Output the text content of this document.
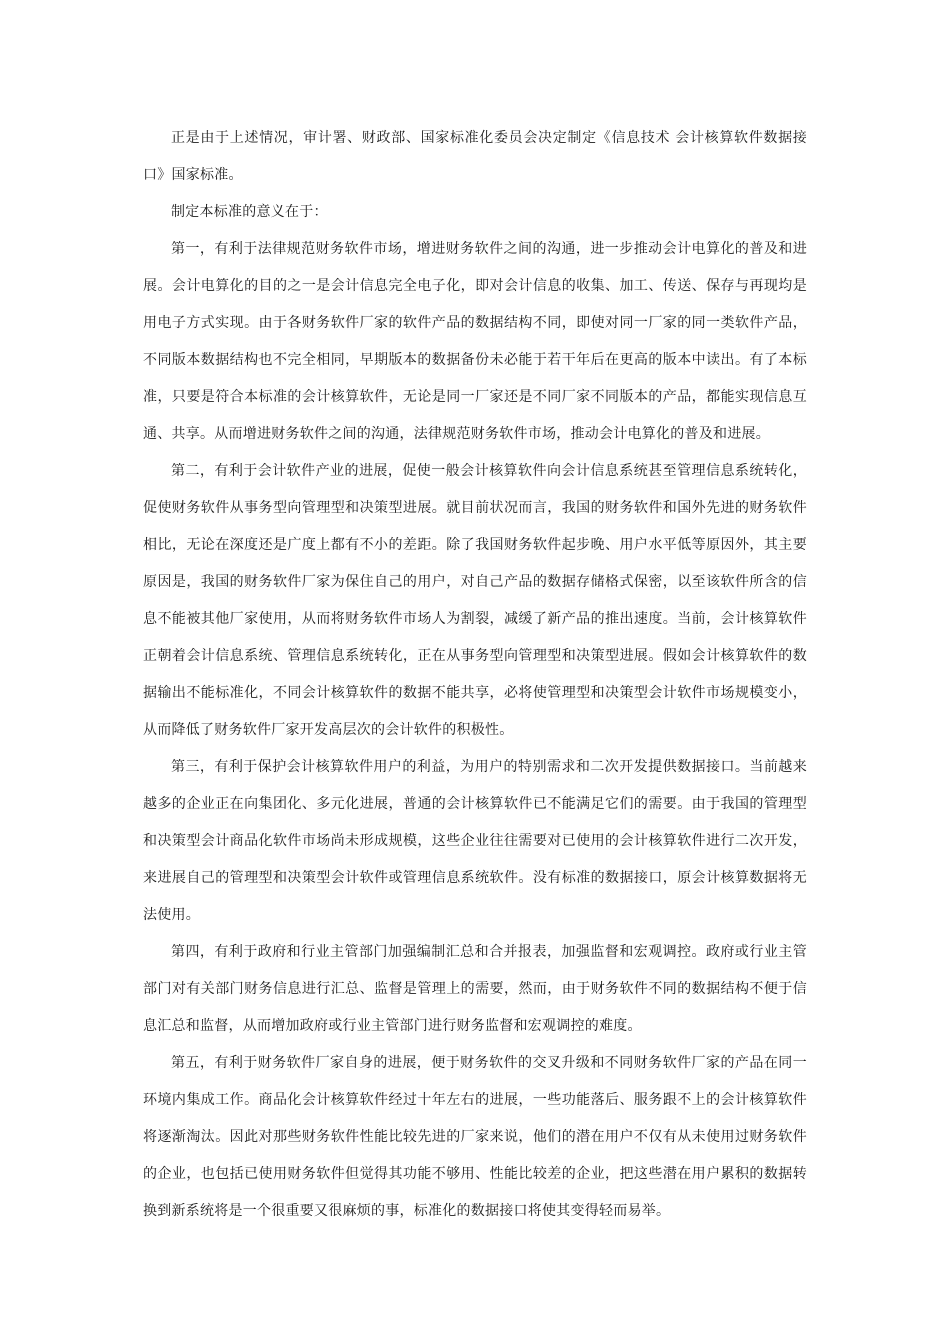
正是由于上述情况，审计署、财政部、国家标准化委员会决定制定《信息技术 会计核算软件数据接口》国家标准。

制定本标准的意义在于：

第一，有利于法律规范财务软件市场，增进财务软件之间的沟通，进一步推动会计电算化的普及和进展。会计电算化的目的之一是会计信息完全电子化，即对会计信息的收集、加工、传送、保存与再现均是用电子方式实现。由于各财务软件厂家的软件产品的数据结构不同，即使对同一厂家的同一类软件产品，不同版本数据结构也不完全相同，早期版本的数据备份未必能于若干年后在更高的版本中读出。有了本标准，只要是符合本标准的会计核算软件，无论是同一厂家还是不同厂家不同版本的产品，都能实现信息互通、共享。从而增进财务软件之间的沟通，法律规范财务软件市场，推动会计电算化的普及和进展。

第二，有利于会计软件产业的进展，促使一般会计核算软件向会计信息系统甚至管理信息系统转化，促使财务软件从事务型向管理型和决策型进展。就目前状况而言，我国的财务软件和国外先进的财务软件相比，无论在深度还是广度上都有不小的差距。除了我国财务软件起步晚、用户水平低等原因外，其主要原因是，我国的财务软件厂家为保住自己的用户，对自己产品的数据存储格式保密，以至该软件所含的信息不能被其他厂家使用，从而将财务软件市场人为割裂，减缓了新产品的推出速度。当前，会计核算软件正朝着会计信息系统、管理信息系统转化，正在从事务型向管理型和决策型进展。假如会计核算软件的数据输出不能标准化，不同会计核算软件的数据不能共享，必将使管理型和决策型会计软件市场规模变小，从而降低了财务软件厂家开发高层次的会计软件的积极性。

第三，有利于保护会计核算软件用户的利益，为用户的特别需求和二次开发提供数据接口。当前越来越多的企业正在向集团化、多元化进展，普通的会计核算软件已不能满足它们的需要。由于我国的管理型和决策型会计商品化软件市场尚未形成规模，这些企业往往需要对已使用的会计核算软件进行二次开发，来进展自己的管理型和决策型会计软件或管理信息系统软件。没有标准的数据接口，原会计核算数据将无法使用。

第四，有利于政府和行业主管部门加强编制汇总和合并报表，加强监督和宏观调控。政府或行业主管部门对有关部门财务信息进行汇总、监督是管理上的需要，然而，由于财务软件不同的数据结构不便于信息汇总和监督，从而增加政府或行业主管部门进行财务监督和宏观调控的难度。

第五，有利于财务软件厂家自身的进展，便于财务软件的交叉升级和不同财务软件厂家的产品在同一环境内集成工作。商品化会计核算软件经过十年左右的进展，一些功能落后、服务跟不上的会计核算软件将逐渐淘汰。因此对那些财务软件性能比较先进的厂家来说，他们的潜在用户不仅有从未使用过财务软件的企业，也包括已使用财务软件但觉得其功能不够用、性能比较差的企业，把这些潜在用户累积的数据转换到新系统将是一个很重要又很麻烦的事，标准化的数据接口将使其变得轻而易举。
